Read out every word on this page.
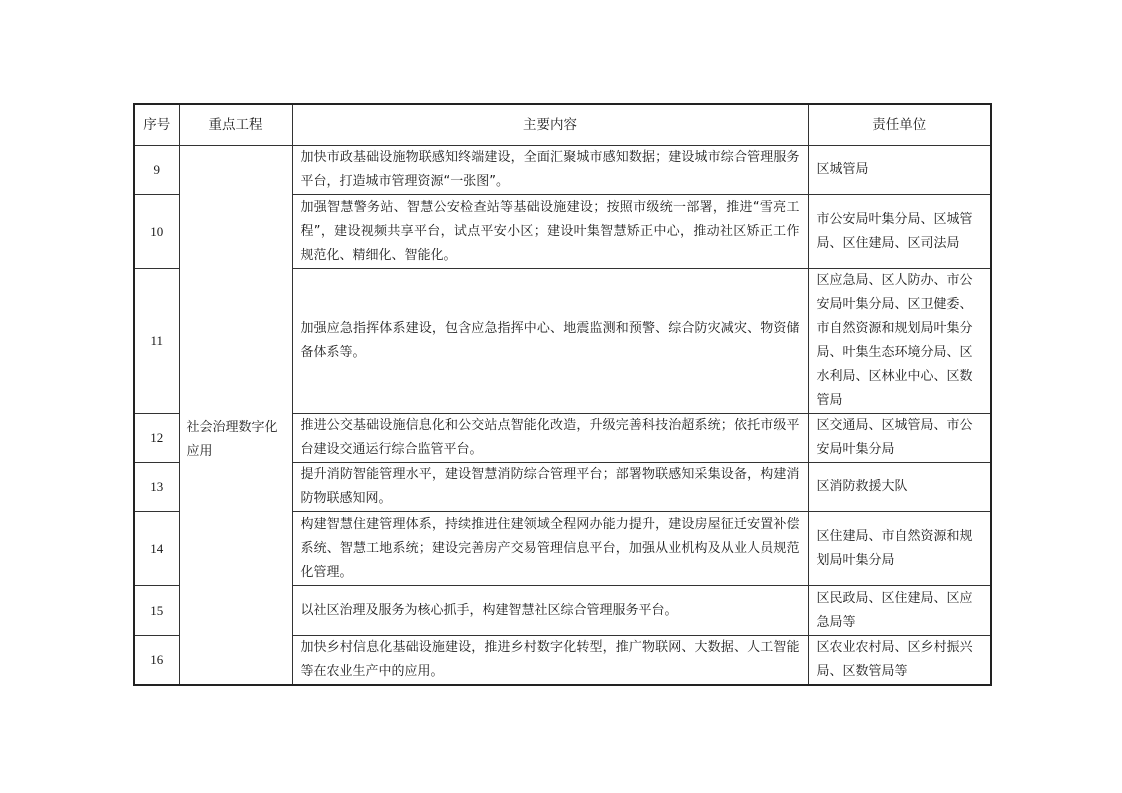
序号	重点工程	主要内容	责任单位
9	社会治理数字化应用	加快市政基础设施物联感知终端建设，全面汇聚城市感知数据；建设城市综合管理服务平台，打造城市管理资源“一张图”。	区城管局

10		加强智慧警务站、智慧公安检查站等基础设施建设；按照市级统一部署，推进“雪亮工程”，建设视频共享平台，试点平安小区；建设叶集智慧矫正中心，推动社区矫正工作规范化、精细化、智能化。	市公安局叶集分局、区城管局、区住建局、区司法局

11		加强应急指挥体系建设，包含应急指挥中心、地震监测和预警、综合防灾减灾、物资储备体系等。	区应急局、区人防办、市公安局叶集分局、区卫健委、市自然资源和规划局叶集分局、叶集生态环境分局、区水利局、区林业中心、区数管局

12		推进公交基础设施信息化和公交站点智能化改造，升级完善科技治超系统；依托市级平台建设交通运行综合监管平台。	区交通局、区城管局、市公安局叶集分局

13		提升消防智能管理水平，建设智慧消防综合管理平台；部署物联感知采集设备，构建消防物联感知网。	区消防救援大队

14		构建智慧住建管理体系，持续推进住建领域全程网办能力提升，建设房屋征迁安置补偿系统、智慧工地系统；建设完善房产交易管理信息平台，加强从业机构及从业人员规范化管理。	区住建局、市自然资源和规划局叶集分局

15		以社区治理及服务为核心抓手，构建智慧社区综合管理服务平台。	区民政局、区住建局、区应急局等

16		加快乡村信息化基础设施建设，推进乡村数字化转型，推广物联网、大数据、人工智能等在农业生产中的应用。	区农业农村局、区乡村振兴局、区数管局等
